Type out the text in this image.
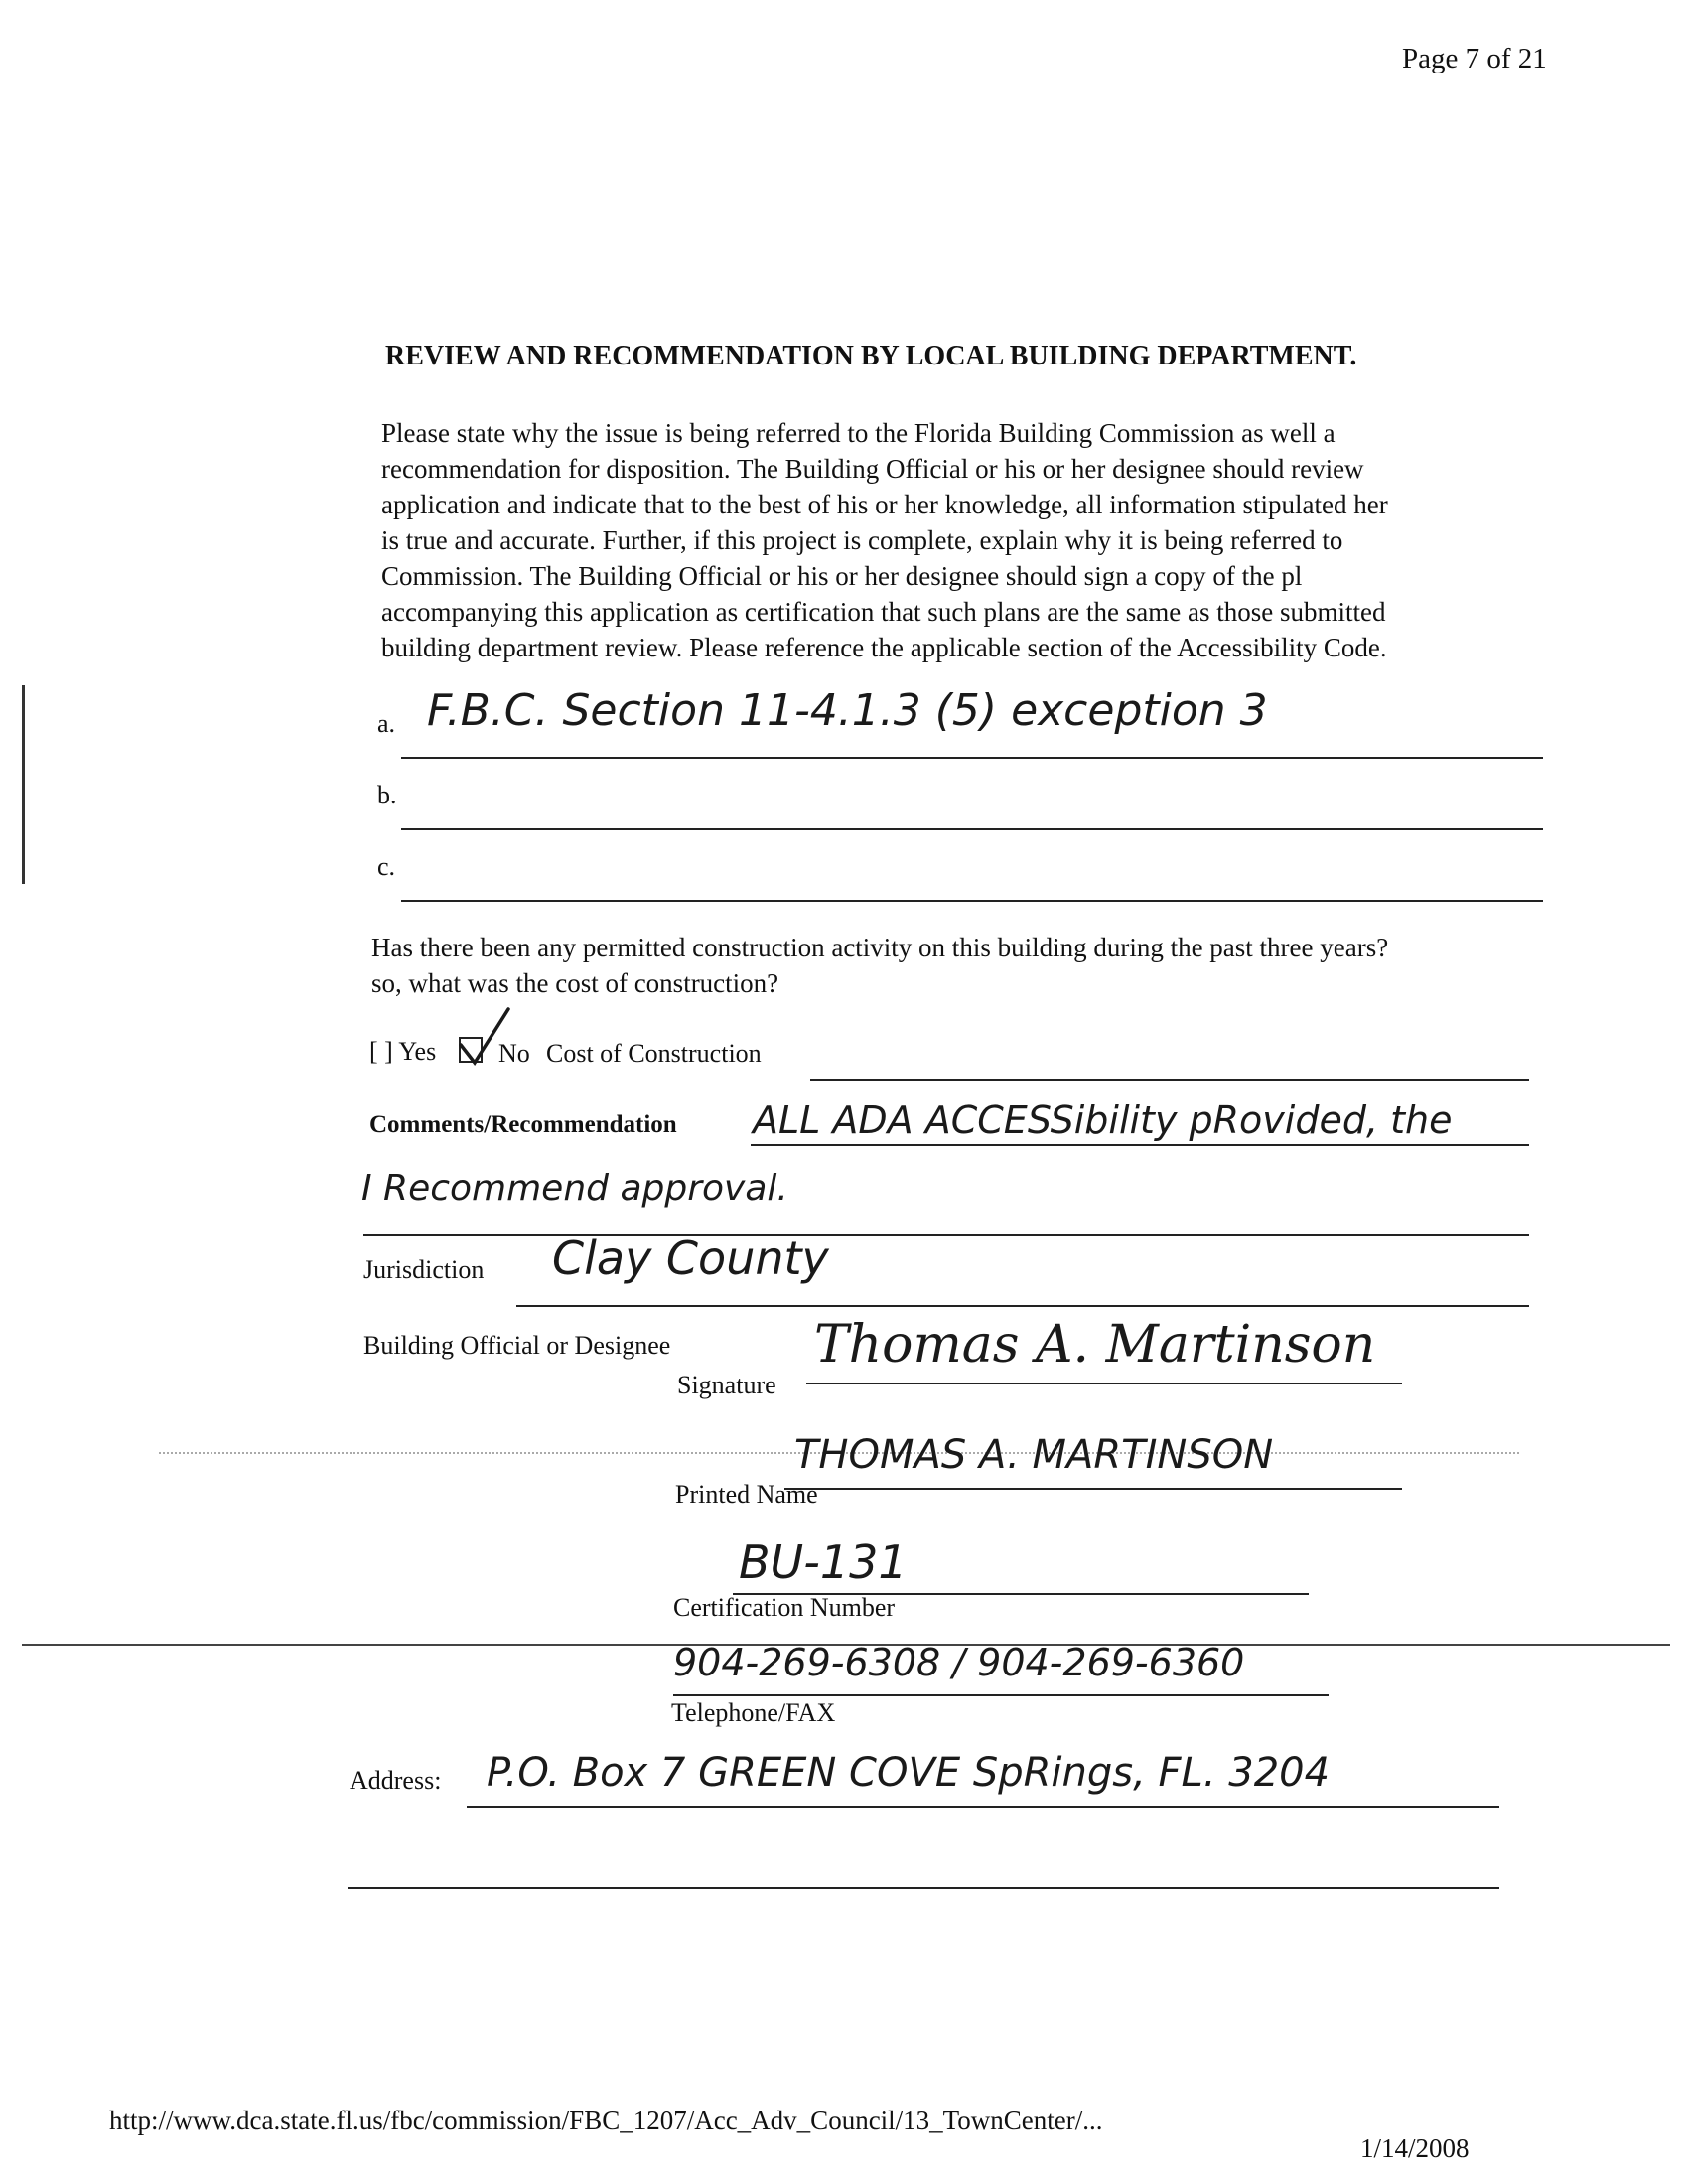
Page 7 of 21
REVIEW AND RECOMMENDATION BY LOCAL BUILDING DEPARTMENT.
Please state why the issue is being referred to the Florida Building Commission as well a
recommendation for disposition. The Building Official or his or her designee should review
application and indicate that to the best of his or her knowledge, all information stipulated her
is true and accurate. Further, if this project is complete, explain why it is being referred to
Commission. The Building Official or his or her designee should sign a copy of the pl
accompanying this application as certification that such plans are the same as those submitted
building department review. Please reference the applicable section of the Accessibility Code.
a. F.B.C. Section 11-4.1.3 (5) exception 3
b.
c.
Has there been any permitted construction activity on this building during the past three years?
so, what was the cost of construction?
[ ] Yes No Cost of Construction
Comments/Recommendation ALL ADA ACCESSibility pRovided, the
I Recommend approval.
Jurisdiction Clay County
Building Official or Designee	Thomas A. Martinson
Signature
THOMAS A. MARTINSON
Printed Name
BU-131
Certification Number
904-269-6308 / 904-269-6360
Telephone/FAX
Address: P.O. Box 7 GREEN COVE SpRings, FL. 3204
http://www.dca.state.fl.us/fbc/commission/FBC_1207/Acc_Adv_Council/13_TownCenter/...
1/14/2008
